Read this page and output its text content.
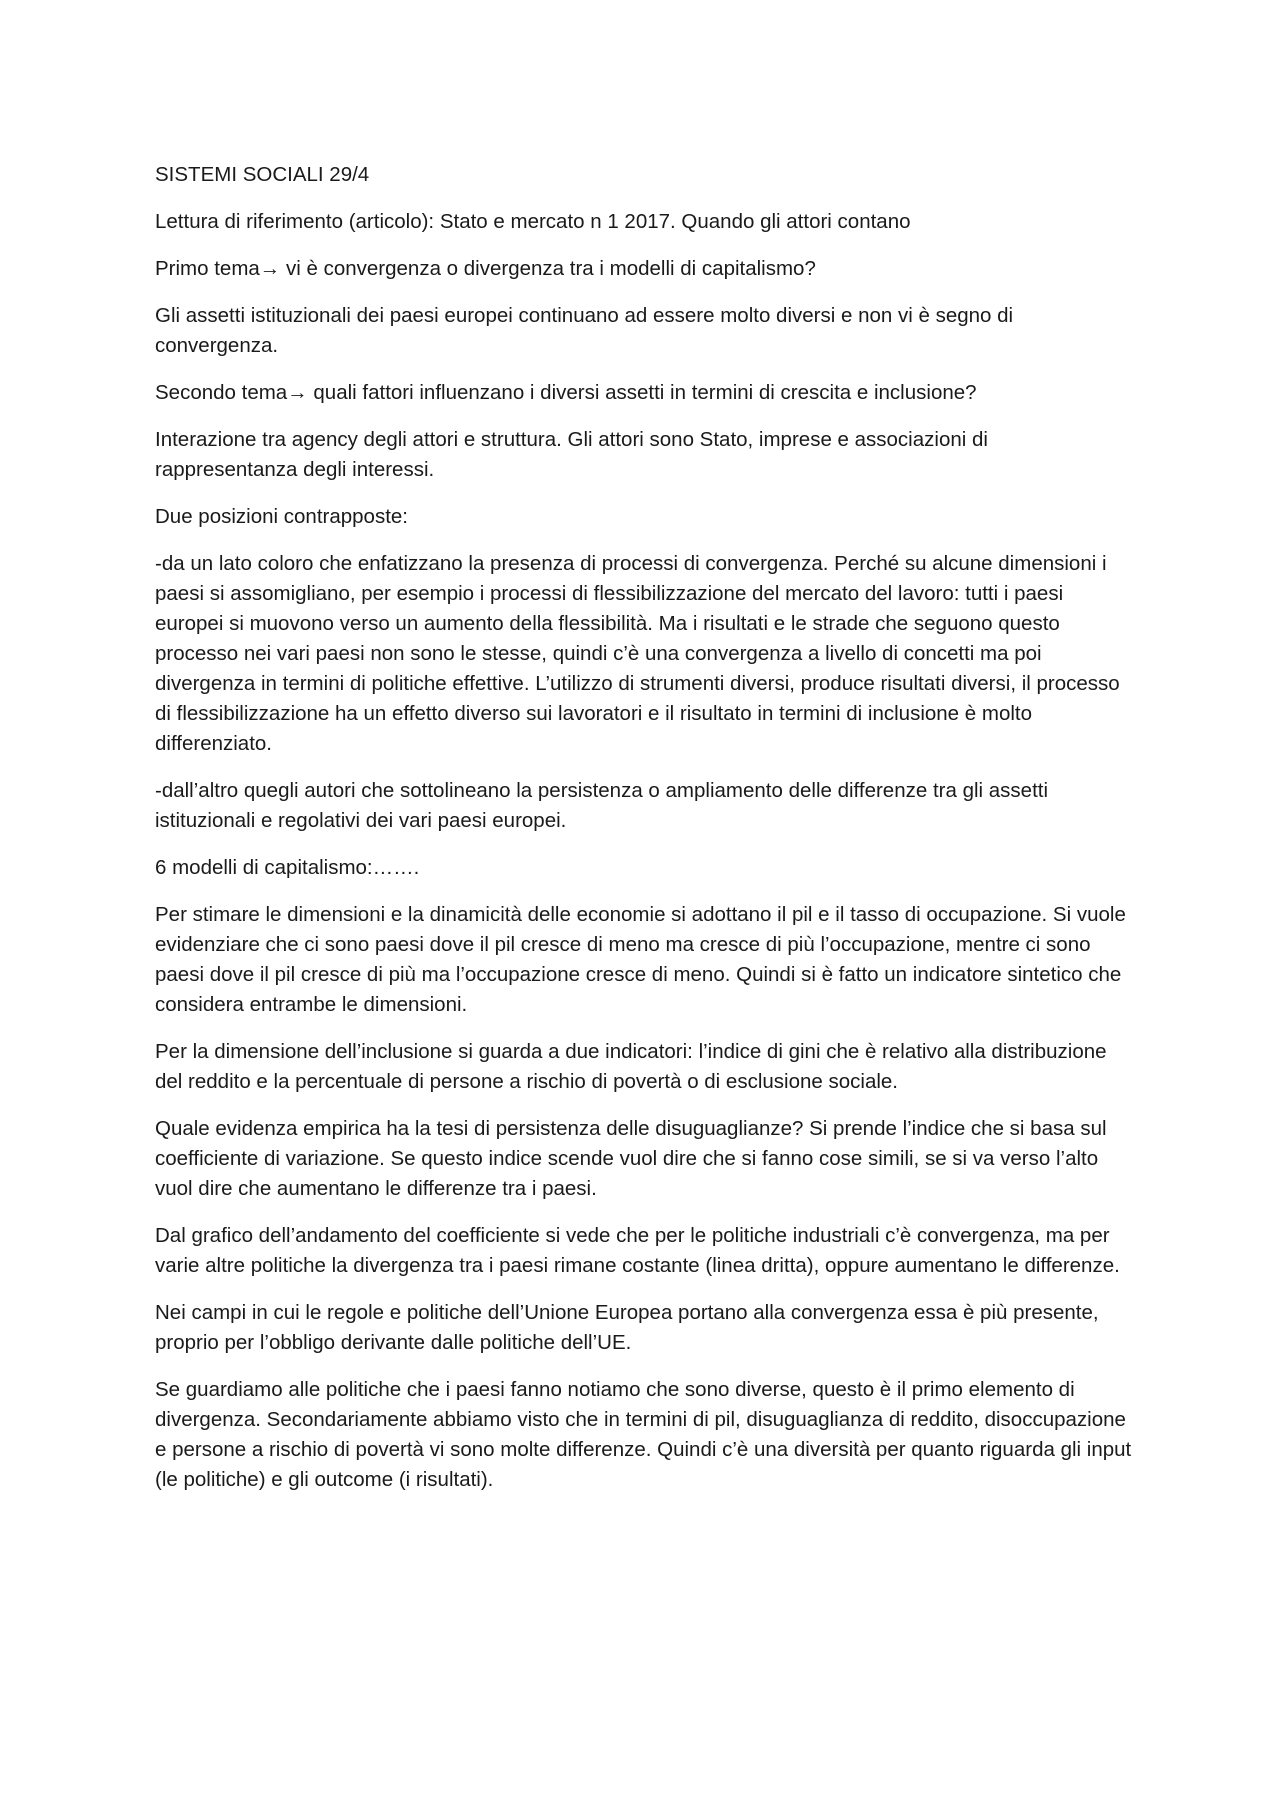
SISTEMI SOCIALI 29/4

Lettura di riferimento (articolo): Stato e mercato n 1 2017. Quando gli attori contano

Primo tema→ vi è convergenza o divergenza tra i modelli di capitalismo?

Gli assetti istituzionali dei paesi europei continuano ad essere molto diversi e non vi è segno di convergenza.

Secondo tema→ quali fattori influenzano i diversi assetti in termini di crescita e inclusione?

Interazione tra agency degli attori e struttura. Gli attori sono Stato, imprese e associazioni di rappresentanza degli interessi.

Due posizioni contrapposte:

-da un lato coloro che enfatizzano la presenza di processi di convergenza. Perché su alcune dimensioni i paesi si assomigliano, per esempio i processi di flessibilizzazione del mercato del lavoro: tutti i paesi europei si muovono verso un aumento della flessibilità. Ma i risultati e le strade che seguono questo processo nei vari paesi non sono le stesse, quindi c’è una convergenza a livello di concetti ma poi divergenza in termini di politiche effettive. L’utilizzo di strumenti diversi, produce risultati diversi, il processo di flessibilizzazione ha un effetto diverso sui lavoratori e il risultato in termini di inclusione è molto differenziato.

-dall’altro quegli autori che sottolineano la persistenza o ampliamento delle differenze tra gli assetti istituzionali e regolativi dei vari paesi europei.

6 modelli di capitalismo:…….

Per stimare le dimensioni e la dinamicità delle economie si adottano il pil e il tasso di occupazione. Si vuole evidenziare che ci sono paesi dove il pil cresce di meno ma cresce di più l’occupazione, mentre ci sono paesi dove il pil cresce di più ma l’occupazione cresce di meno. Quindi si è fatto un indicatore sintetico che considera entrambe le dimensioni.

Per la dimensione dell’inclusione si guarda a due indicatori: l’indice di gini che è relativo alla distribuzione del reddito e la percentuale di persone a rischio di povertà o di esclusione sociale.

Quale evidenza empirica ha la tesi di persistenza delle disuguaglianze? Si prende l’indice che si basa sul coefficiente di variazione. Se questo indice scende vuol dire che si fanno cose simili, se si va verso l’alto vuol dire che aumentano le differenze tra i paesi.

Dal grafico dell’andamento del coefficiente si vede che per le politiche industriali c’è convergenza, ma per varie altre politiche la divergenza tra i paesi rimane costante (linea dritta), oppure aumentano le differenze.

Nei campi in cui le regole e politiche dell’Unione Europea portano alla convergenza essa è più presente, proprio per l’obbligo derivante dalle politiche dell’UE.

Se guardiamo alle politiche che i paesi fanno notiamo che sono diverse, questo è il primo elemento di divergenza. Secondariamente abbiamo visto che in termini di pil, disuguaglianza di reddito, disoccupazione e persone a rischio di povertà vi sono molte differenze. Quindi c’è una diversità per quanto riguarda gli input (le politiche) e gli outcome (i risultati).
